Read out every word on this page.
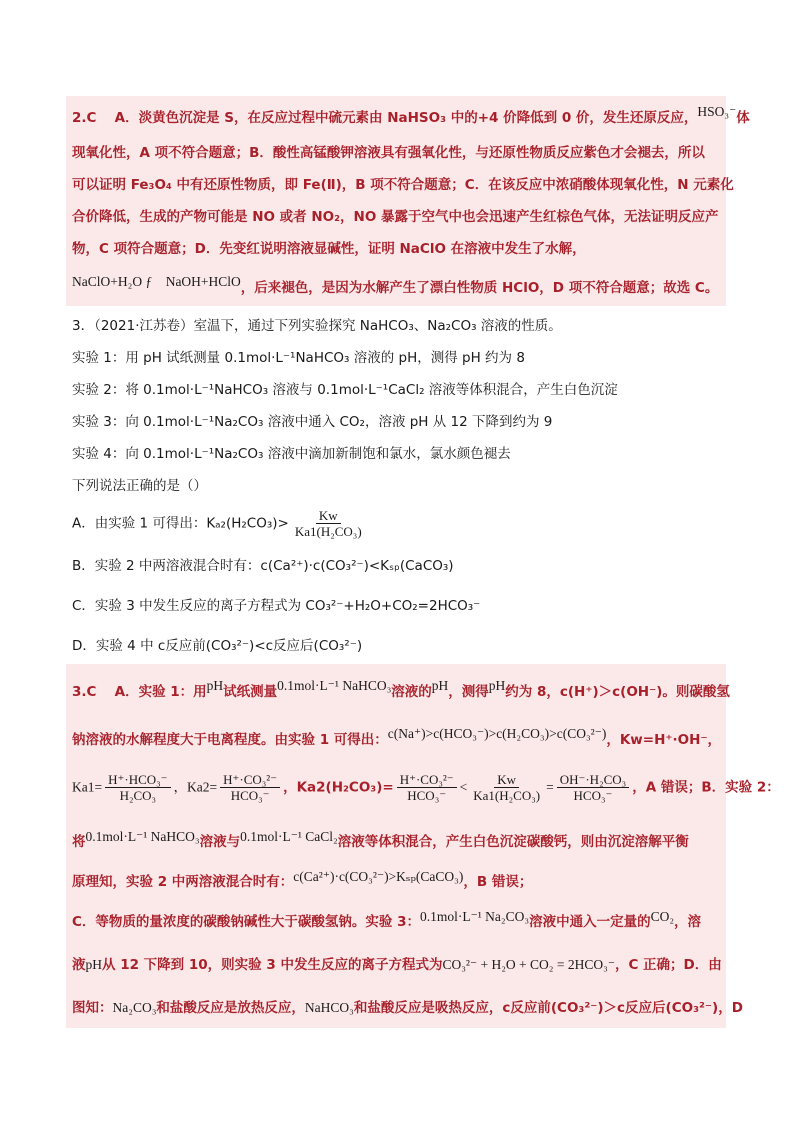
2.C　 A．淡黄色沉淀是 S，在反应过程中硫元素由 NaHSO₃ 中的+4 价降低到 0 价，发生还原反应，HSO₃⁻体
现氧化性，A 项不符合题意；B．酸性高锰酸钾溶液具有强氧化性，与还原性物质反应紫色才会褪去，所以
可以证明 Fe₃O₄ 中有还原性物质，即 Fe(Ⅱ)，B 项不符合题意；C．在该反应中浓硝酸体现氧化性，N 元素化
合价降低，生成的产物可能是 NO 或者 NO₂，NO 暴露于空气中也会迅速产生红棕色气体，无法证明反应产
物，C 项符合题意；D．先变红说明溶液显碱性，证明 NaClO 在溶液中发生了水解，
NaClO+H₂O ƒ　NaOH+HClO，后来褪色，是因为水解产生了漂白性物质 HClO，D 项不符合题意；故选 C。
3．（2021·江苏卷）室温下，通过下列实验探究 NaHCO₃、Na₂CO₃ 溶液的性质。
实验 1：用 pH 试纸测量 0.1mol·L⁻¹NaHCO₃ 溶液的 pH，测得 pH 约为 8
实验 2：将 0.1mol·L⁻¹NaHCO₃ 溶液与 0.1mol·L⁻¹CaCl₂ 溶液等体积混合，产生白色沉淀
实验 3：向 0.1mol·L⁻¹Na₂CO₃ 溶液中通入 CO₂，溶液 pH 从 12 下降到约为 9
实验 4：向 0.1mol·L⁻¹Na₂CO₃ 溶液中滴加新制饱和氯水，氯水颜色褪去
下列说法正确的是（）
A．由实验 1 可得出：$K_{a2}(H_2CO_3)> \frac{Kw}{\text{Ka1(H₂CO₃)}}$
B．实验 2 中两溶液混合时有：c(Ca²⁺)·c(CO₃²⁻)<Kₛₚ(CaCO₃)
C．实验 3 中发生反应的离子方程式为 CO₃²⁻+H₂O+CO₂=2HCO₃⁻
D．实验 4 中 c反应前(CO₃²⁻)<c反应后(CO₃²⁻)
3.C　 A．实验 1：用pH试纸测量0.1mol·L⁻¹ NaHCO₃溶液的pH，测得pH约为 8，c(H⁺)＞c(OH⁻)。则碳酸氢
钠溶液的水解程度大于电离程度。由实验 1 可得出：c(Na⁺)>c(HCO₃⁻)>c(H₂CO₃)>c(CO₃²⁻)，Kw=H⁺·OH⁻，
$Ka1= \frac{\text{H⁺·HCO₃⁻}}{\text{H₂CO₃}}$ ，$Ka2= \frac{\text{H⁺·CO₃²⁻}}{\text{HCO₃⁻}}$ ，$Ka2(H_2CO_3)= \frac{\text{H⁺·CO₃²⁻}}{\text{HCO₃⁻}} < \frac{Kw}{\text{Ka1(H₂CO₃)}} = \frac{\text{OH⁻·H₂CO₃}}{\text{HCO₃⁻}}$ ，A 错误；B．实验 2：
将0.1mol·L⁻¹ NaHCO₃溶液与0.1mol·L⁻¹ CaCl₂溶液等体积混合，产生白色沉淀碳酸钙，则由沉淀溶解平衡
原理知，实验 2 中两溶液混合时有：c(Ca²⁺)·c(CO₃²⁻)>Kₛₚ(CaCO₃)，B 错误；
C．等物质的量浓度的碳酸钠碱性大于碳酸氢钠。实验 3：0.1mol·L⁻¹ Na₂CO₃溶液中通入一定量的CO₂，溶
液pH从 12 下降到 10，则实验 3 中发生反应的离子方程式为CO₃²⁻ + H₂O + CO₂ = 2HCO₃⁻，C 正确；D．由
图知：Na₂CO₃和盐酸反应是放热反应，NaHCO₃和盐酸反应是吸热反应，c反应前(CO₃²⁻)＞c反应后(CO₃²⁻)，D
